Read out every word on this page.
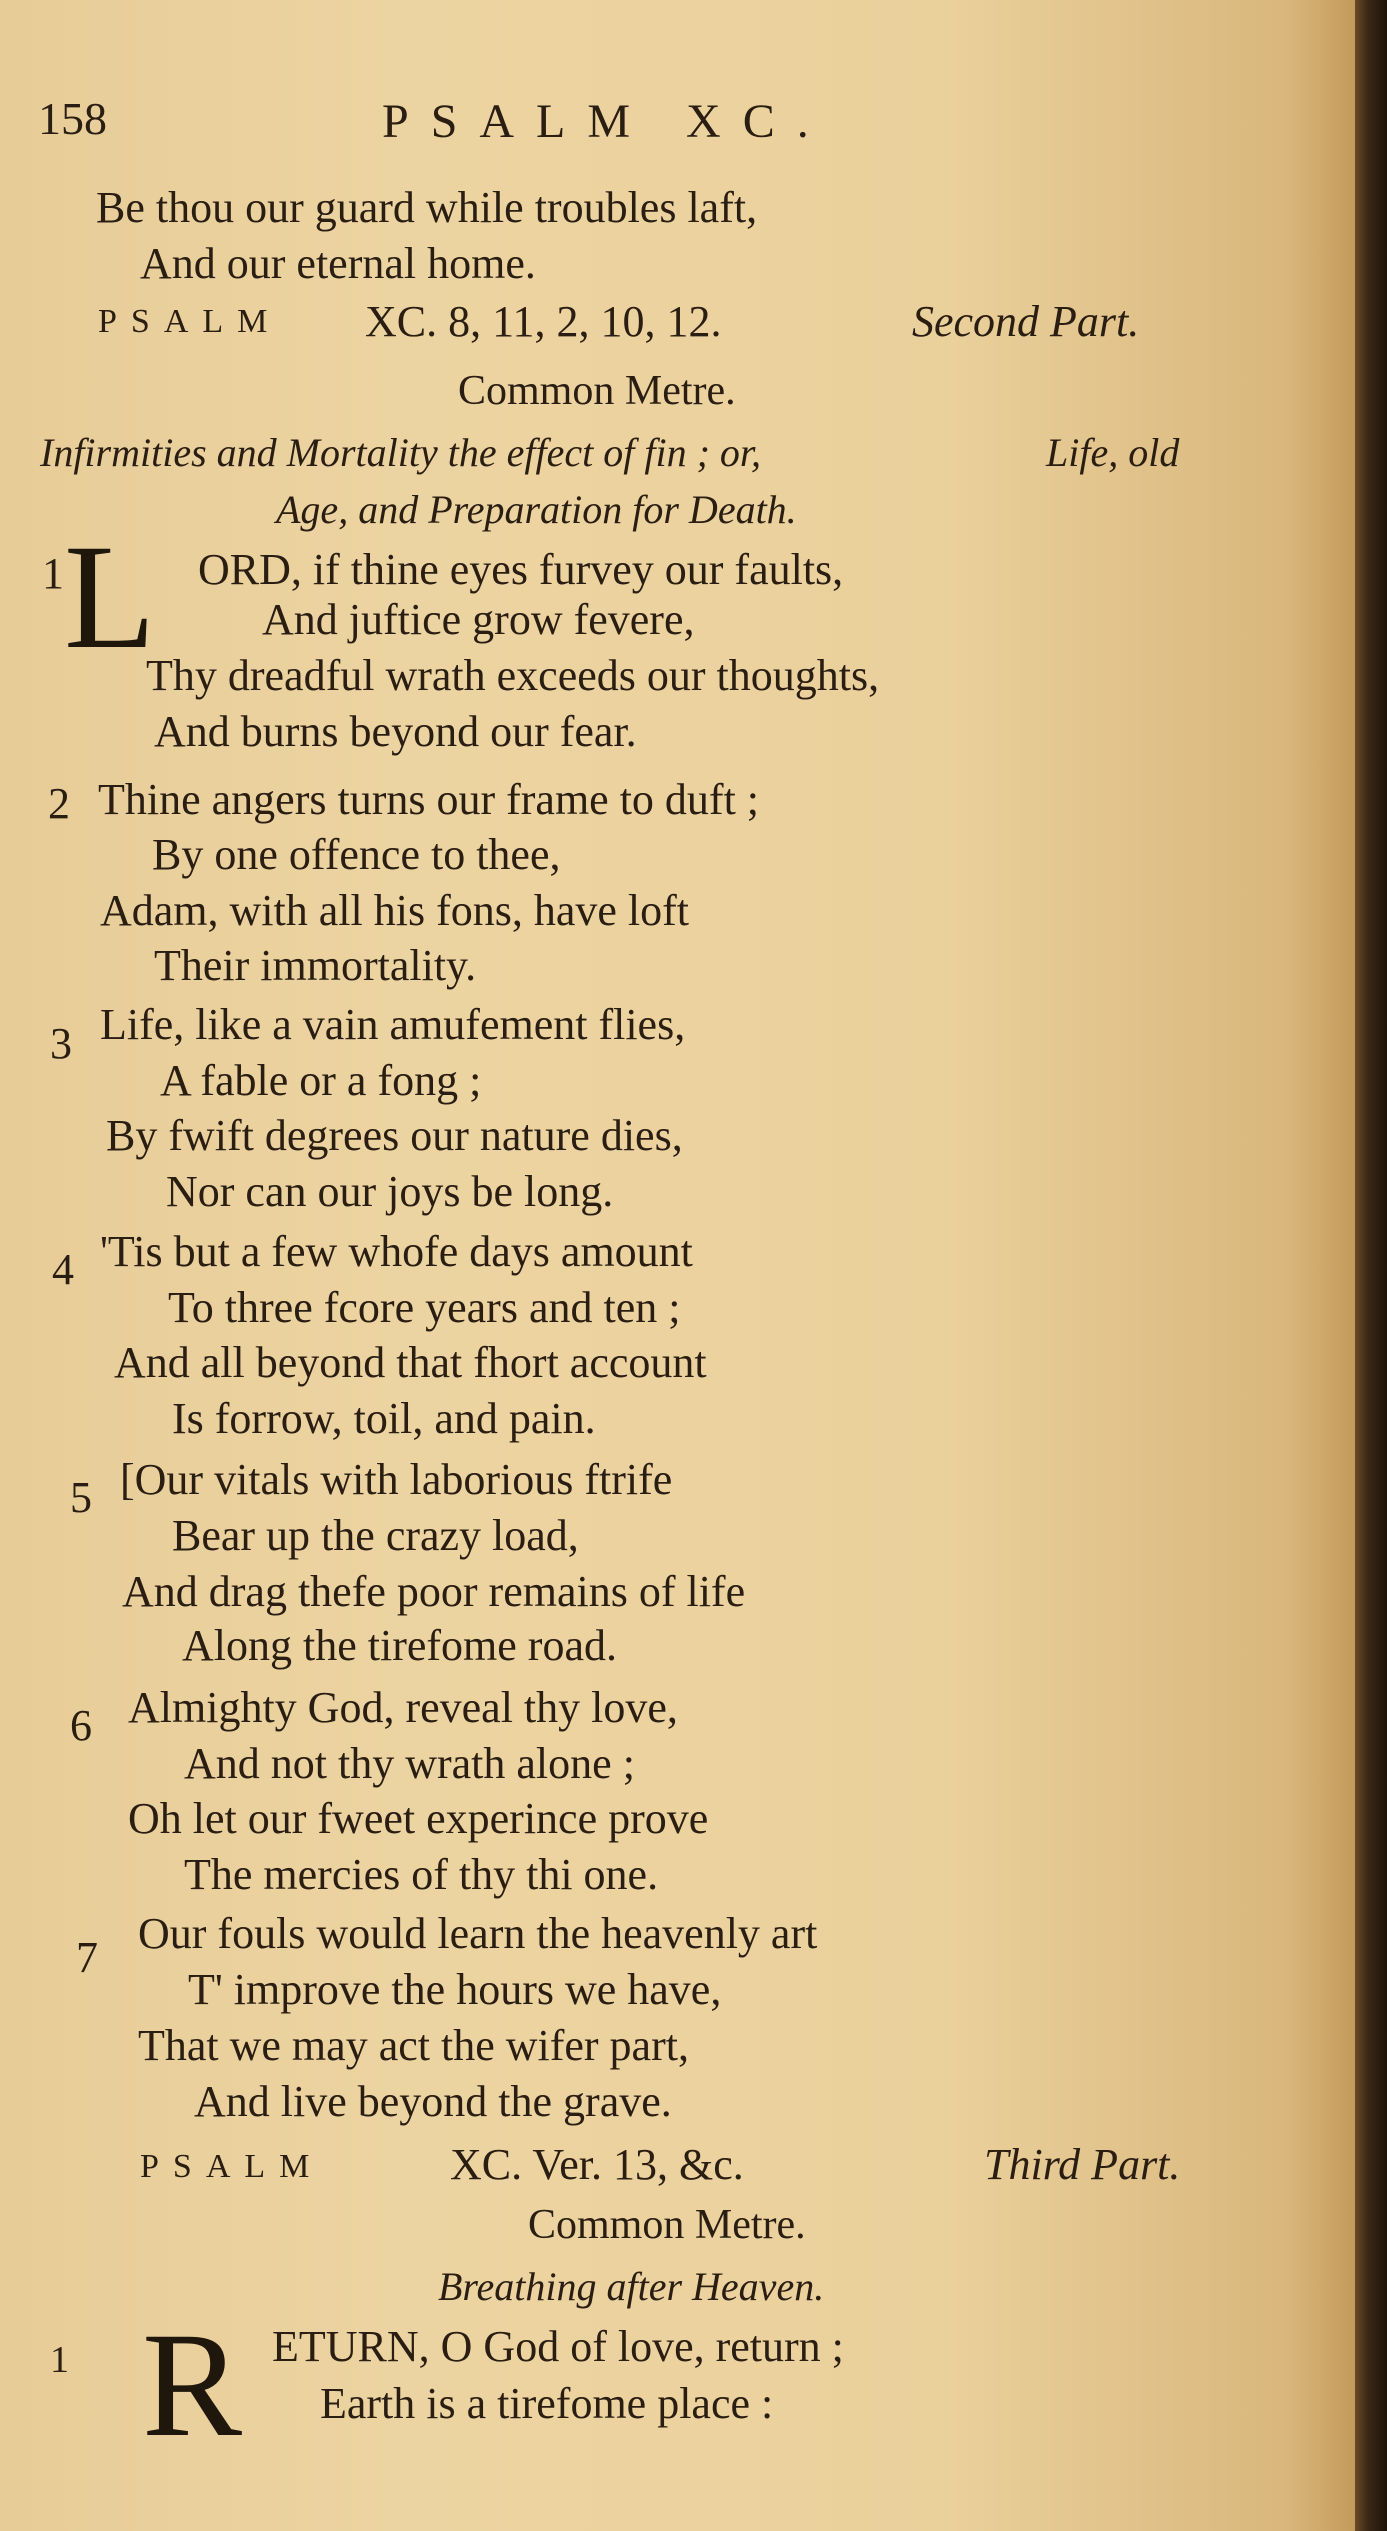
158	PSALM XC.
Be thou our guard while troubles laft,
And our eternal home.
PSALM XC. 8, 11, 2, 10, 12.	Second Part.
Common Metre.
Infirmities and Mortality the effect of fin ; or,	Life, old
Age, and Preparation for Death.
1 L ORD, if thine eyes furvey our faults,
And juftice grow fevere,
Thy dreadful wrath exceeds our thoughts,
And burns beyond our fear.
2 Thine angers turns our frame to duft ;
By one offence to thee,
Adam, with all his fons, have loft
Their immortality.
3 Life, like a vain amufement flies,
A fable or a fong ;
By fwift degrees our nature dies,
Nor can our joys be long.
4 'Tis but a few whofe days amount
To three fcore years and ten ;
And all beyond that fhort account
Is forrow, toil, and pain.
5 [Our vitals with laborious ftrife
Bear up the crazy load,
And drag thefe poor remains of life
Along the tirefome road.
6 Almighty God, reveal thy love,
And not thy wrath alone ;
Oh let our fweet experince prove
The mercies of thy thi one.
7 Our fouls would learn the heavenly art
T' improve the hours we have,
That we may act the wifer part,
And live beyond the grave.
PSALM	XC. Ver. 13, &c.	Third Part.
Common Metre.
Breathing after Heaven.
1 R ETURN, O God of love, return ;
Earth is a tirefome place :
